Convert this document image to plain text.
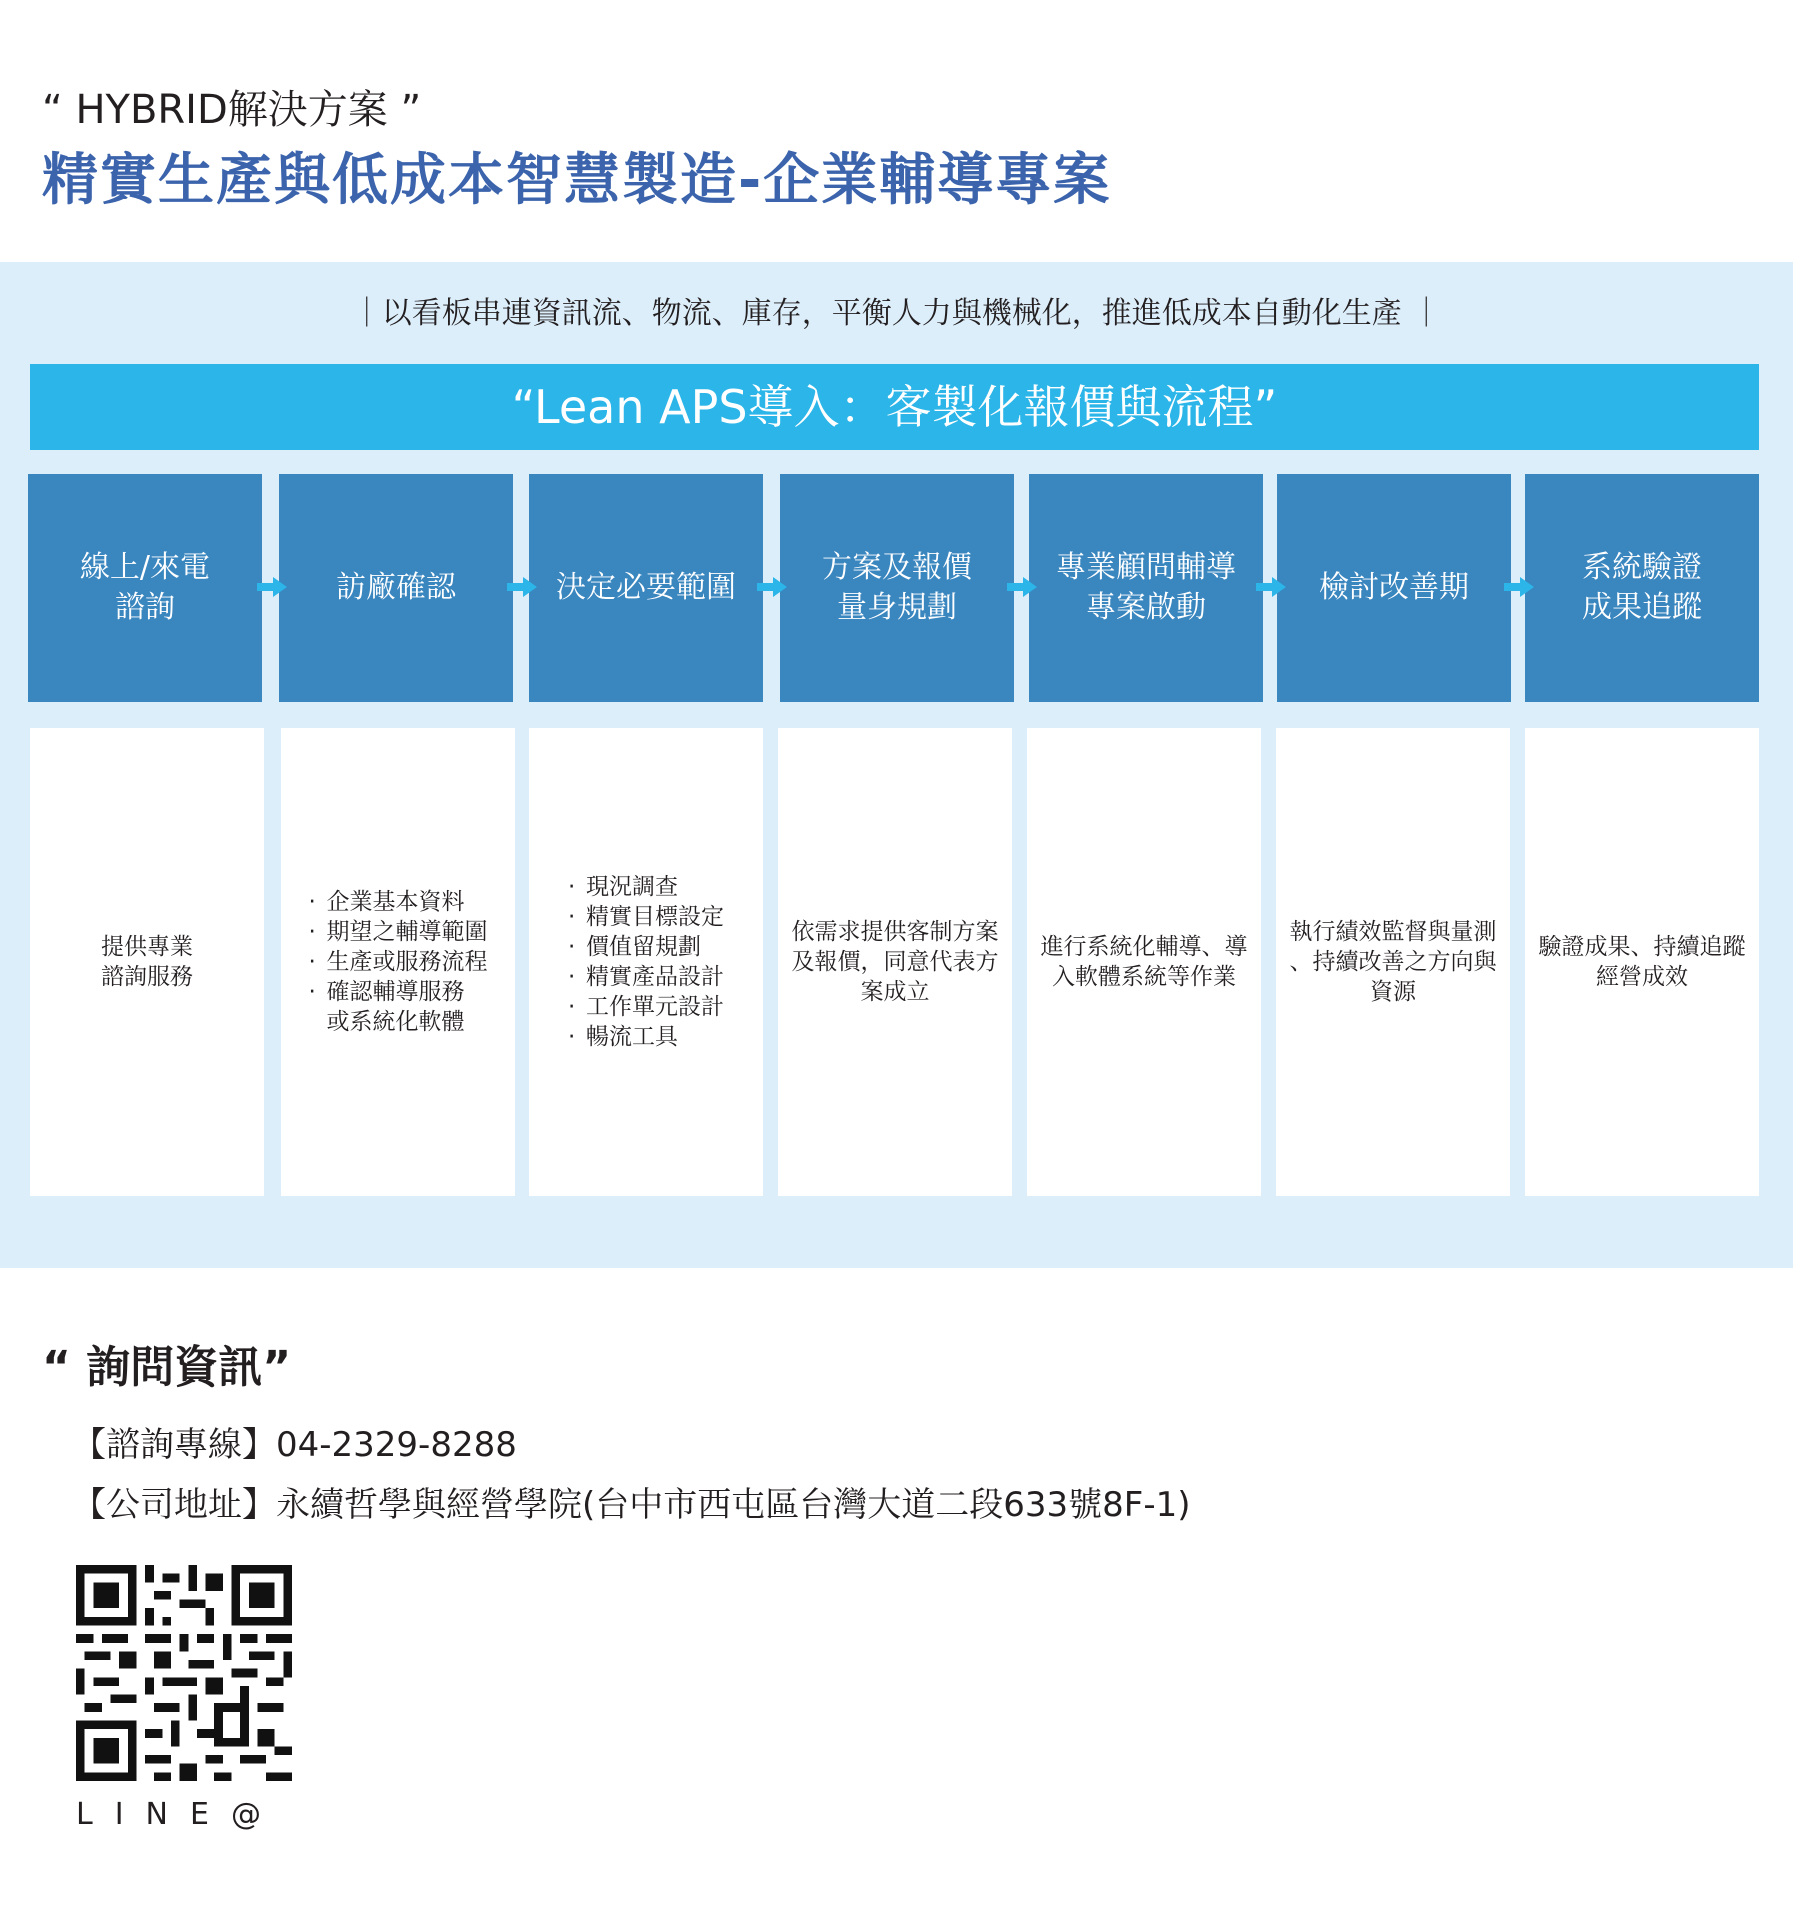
“ HYBRID解決方案 ”
精實生產與低成本智慧製造-企業輔導專案
｜以看板串連資訊流、物流、庫存，平衡人力與機械化，推進低成本自動化生產 ｜
“Lean APS導入：客製化報價與流程”
線上/來電
諮詢
訪廠確認	決定必要範圍
方案及報價
量身規劃
專業顧問輔導
專案啟動
檢討改善期
系統驗證
成果追蹤
提供專業
諮詢服務
· 企業基本資料
· 期望之輔導範圍
· 生產或服務流程
· 確認輔導服務
或系統化軟體
· 現況調查
· 精實目標設定
· 價值留規劃
· 精實產品設計
· 工作單元設計
· 暢流工具
依需求提供客制方案
及報價，同意代表方
案成立
進行系統化輔導、導
入軟體系統等作業
執行績效監督與量測
、持續改善之方向與
資源
驗證成果、持續追蹤
經營成效
“ 詢問資訊”
【諮詢專線】04-2329-8288
【公司地址】永續哲學與經營學院(台中市西屯區台灣大道二段633號8F-1)
LINE@
